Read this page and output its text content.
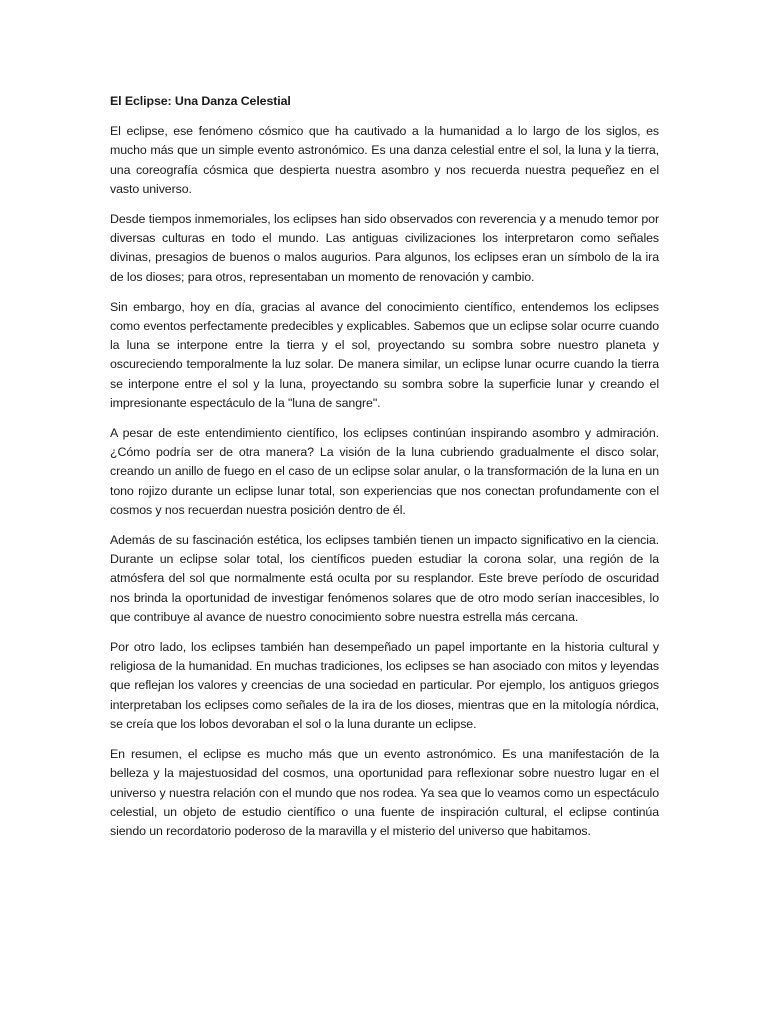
El Eclipse: Una Danza Celestial

El eclipse, ese fenómeno cósmico que ha cautivado a la humanidad a lo largo de los siglos, es mucho más que un simple evento astronómico. Es una danza celestial entre el sol, la luna y la tierra, una coreografía cósmica que despierta nuestra asombro y nos recuerda nuestra pequeñez en el vasto universo.

Desde tiempos inmemoriales, los eclipses han sido observados con reverencia y a menudo temor por diversas culturas en todo el mundo. Las antiguas civilizaciones los interpretaron como señales divinas, presagios de buenos o malos augurios. Para algunos, los eclipses eran un símbolo de la ira de los dioses; para otros, representaban un momento de renovación y cambio.

Sin embargo, hoy en día, gracias al avance del conocimiento científico, entendemos los eclipses como eventos perfectamente predecibles y explicables. Sabemos que un eclipse solar ocurre cuando la luna se interpone entre la tierra y el sol, proyectando su sombra sobre nuestro planeta y oscureciendo temporalmente la luz solar. De manera similar, un eclipse lunar ocurre cuando la tierra se interpone entre el sol y la luna, proyectando su sombra sobre la superficie lunar y creando el impresionante espectáculo de la "luna de sangre".

A pesar de este entendimiento científico, los eclipses continúan inspirando asombro y admiración. ¿Cómo podría ser de otra manera? La visión de la luna cubriendo gradualmente el disco solar, creando un anillo de fuego en el caso de un eclipse solar anular, o la transformación de la luna en un tono rojizo durante un eclipse lunar total, son experiencias que nos conectan profundamente con el cosmos y nos recuerdan nuestra posición dentro de él.

Además de su fascinación estética, los eclipses también tienen un impacto significativo en la ciencia. Durante un eclipse solar total, los científicos pueden estudiar la corona solar, una región de la atmósfera del sol que normalmente está oculta por su resplandor. Este breve período de oscuridad nos brinda la oportunidad de investigar fenómenos solares que de otro modo serían inaccesibles, lo que contribuye al avance de nuestro conocimiento sobre nuestra estrella más cercana.

Por otro lado, los eclipses también han desempeñado un papel importante en la historia cultural y religiosa de la humanidad. En muchas tradiciones, los eclipses se han asociado con mitos y leyendas que reflejan los valores y creencias de una sociedad en particular. Por ejemplo, los antiguos griegos interpretaban los eclipses como señales de la ira de los dioses, mientras que en la mitología nórdica, se creía que los lobos devoraban el sol o la luna durante un eclipse.

En resumen, el eclipse es mucho más que un evento astronómico. Es una manifestación de la belleza y la majestuosidad del cosmos, una oportunidad para reflexionar sobre nuestro lugar en el universo y nuestra relación con el mundo que nos rodea. Ya sea que lo veamos como un espectáculo celestial, un objeto de estudio científico o una fuente de inspiración cultural, el eclipse continúa siendo un recordatorio poderoso de la maravilla y el misterio del universo que habitamos.
